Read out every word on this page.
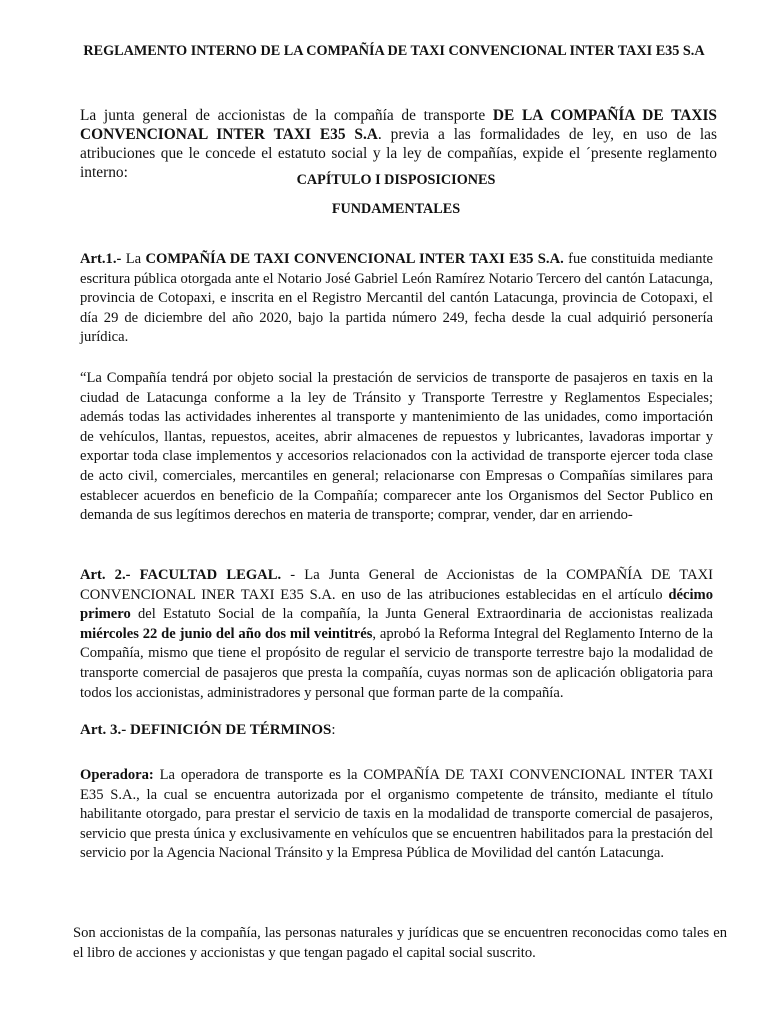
REGLAMENTO INTERNO DE LA COMPAÑÍA DE TAXI CONVENCIONAL INTER TAXI E35 S.A
La junta general de accionistas de la compañía de transporte DE LA COMPAÑÍA DE TAXIS CONVENCIONAL INTER TAXI E35 S.A. previa a las formalidades de ley, en uso de las atribuciones que le concede el estatuto social y la ley de compañías, expide el ´presente reglamento interno:	CAPÍTULO I DISPOSICIONES
FUNDAMENTALES
Art.1.- La COMPAÑÍA DE TAXI CONVENCIONAL INTER TAXI E35 S.A. fue constituida mediante escritura pública otorgada ante el Notario José Gabriel León Ramírez Notario Tercero del cantón Latacunga, provincia de Cotopaxi, e inscrita en el Registro Mercantil del cantón Latacunga, provincia de Cotopaxi, el día 29 de diciembre del año 2020, bajo la partida número 249, fecha desde la cual adquirió personería jurídica.
“La Compañía tendrá por objeto social la prestación de servicios de transporte de pasajeros en taxis en la ciudad de Latacunga conforme a la ley de Tránsito y Transporte Terrestre y Reglamentos Especiales; además todas las actividades inherentes al transporte y mantenimiento de las unidades, como importación de vehículos, llantas, repuestos, aceites, abrir almacenes de repuestos y lubricantes, lavadoras importar y exportar toda clase implementos y accesorios relacionados con la actividad de transporte ejercer toda clase de acto civil, comerciales, mercantiles en general; relacionarse con Empresas o Compañías similares para establecer acuerdos en beneficio de la Compañía; comparecer ante los Organismos del Sector Publico en demanda de sus legítimos derechos en materia de transporte; comprar, vender, dar en arriendo-
Art. 2.- FACULTAD LEGAL. - La Junta General de Accionistas de la COMPAÑÍA DE TAXI CONVENCIONAL INER TAXI E35 S.A. en uso de las atribuciones establecidas en el artículo décimo primero del Estatuto Social de la compañía, la Junta General Extraordinaria de accionistas realizada miércoles 22 de junio del año dos mil veintitrés, aprobó la Reforma Integral del Reglamento Interno de la Compañía, mismo que tiene el propósito de regular el servicio de transporte terrestre bajo la modalidad de transporte comercial de pasajeros que presta la compañía, cuyas normas son de aplicación obligatoria para todos los accionistas, administradores y personal que forman parte de la compañía.
Art. 3.- DEFINICIÓN DE TÉRMINOS:
Operadora: La operadora de transporte es la COMPAÑÍA DE TAXI CONVENCIONAL INTER TAXI E35 S.A., la cual se encuentra autorizada por el organismo competente de tránsito, mediante el título habilitante otorgado, para prestar el servicio de taxis en la modalidad de transporte comercial de pasajeros, servicio que presta única y exclusivamente en vehículos que se encuentren habilitados para la prestación del servicio por la Agencia Nacional Tránsito y la Empresa Pública de Movilidad del cantón Latacunga.
Son accionistas de la compañía, las personas naturales y jurídicas que se encuentren reconocidas como tales en el libro de acciones y accionistas y que tengan pagado el capital social suscrito.
